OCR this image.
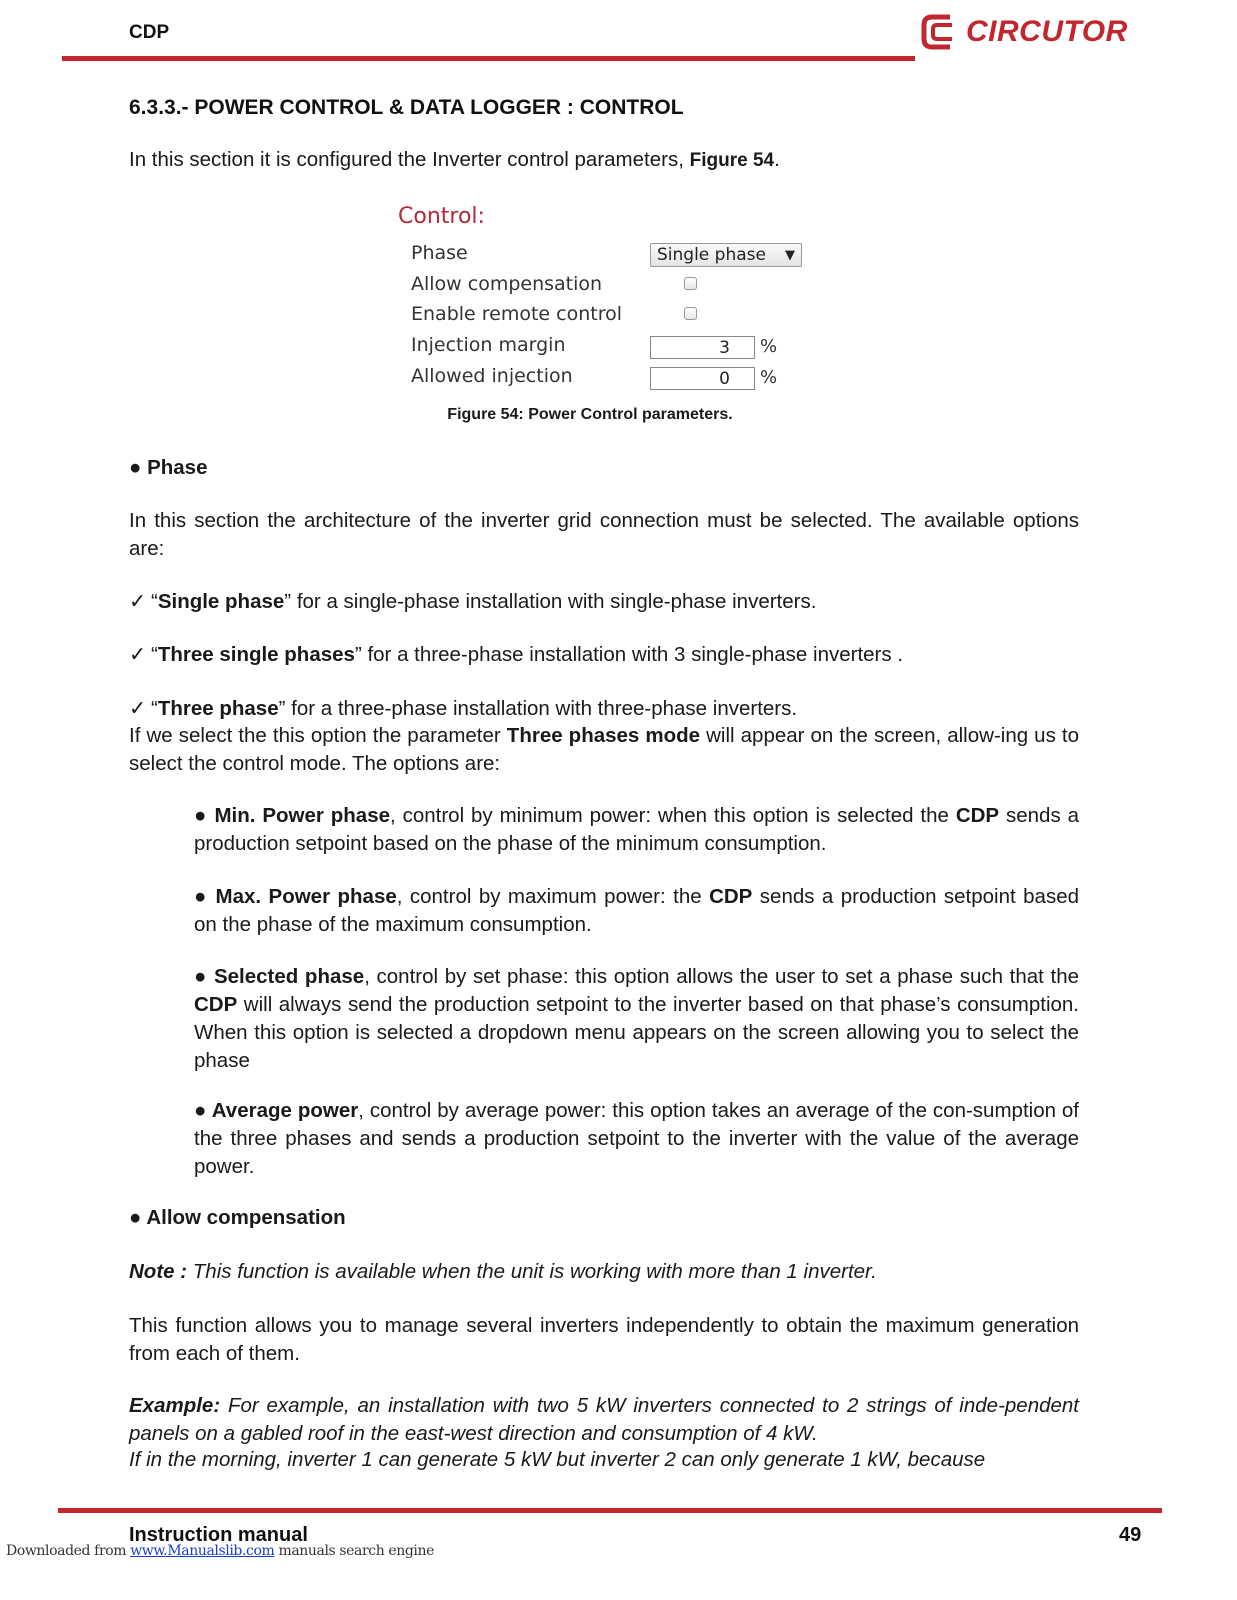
CDP	CIRCUTOR
6.3.3.- POWER CONTROL & DATA LOGGER : CONTROL
In this section it is configured the Inverter control parameters, Figure 54.
Control:
Phase	Single phase ▼
Allow compensation
Enable remote control
Injection margin	3	%
Allowed injection	0	%
Figure 54: Power Control parameters.
● Phase
In this section the architecture of the inverter grid connection must be selected. The available options are:
✓ “Single phase” for a single-phase installation with single-phase inverters.
✓ “Three single phases” for a three-phase installation with 3 single-phase inverters .
✓ “Three phase” for a three-phase installation with three-phase inverters.
If we select the this option the parameter Three phases mode will appear on the screen, allow-ing us to select the control mode. The options are:
● Min. Power phase, control by minimum power: when this option is selected the CDP sends a production setpoint based on the phase of the minimum consumption.
● Max. Power phase, control by maximum power: the CDP sends a production setpoint based on the phase of the maximum consumption.
● Selected phase, control by set phase: this option allows the user to set a phase such that the CDP will always send the production setpoint to the inverter based on that phase’s consumption. When this option is selected a dropdown menu appears on the screen allowing you to select the phase
● Average power, control by average power: this option takes an average of the con-sumption of the three phases and sends a production setpoint to the inverter with the value of the average power.
● Allow compensation
Note : This function is available when the unit is working with more than 1 inverter.
This function allows you to manage several inverters independently to obtain the maximum generation from each of them.
Example: For example, an installation with two 5 kW inverters connected to 2 strings of inde-pendent panels on a gabled roof in the east-west direction and consumption of 4 kW.
If in the morning, inverter 1 can generate 5 kW but inverter 2 can only generate 1 kW, because
Instruction manual	49
Downloaded from www.Manualslib.com manuals search engine
